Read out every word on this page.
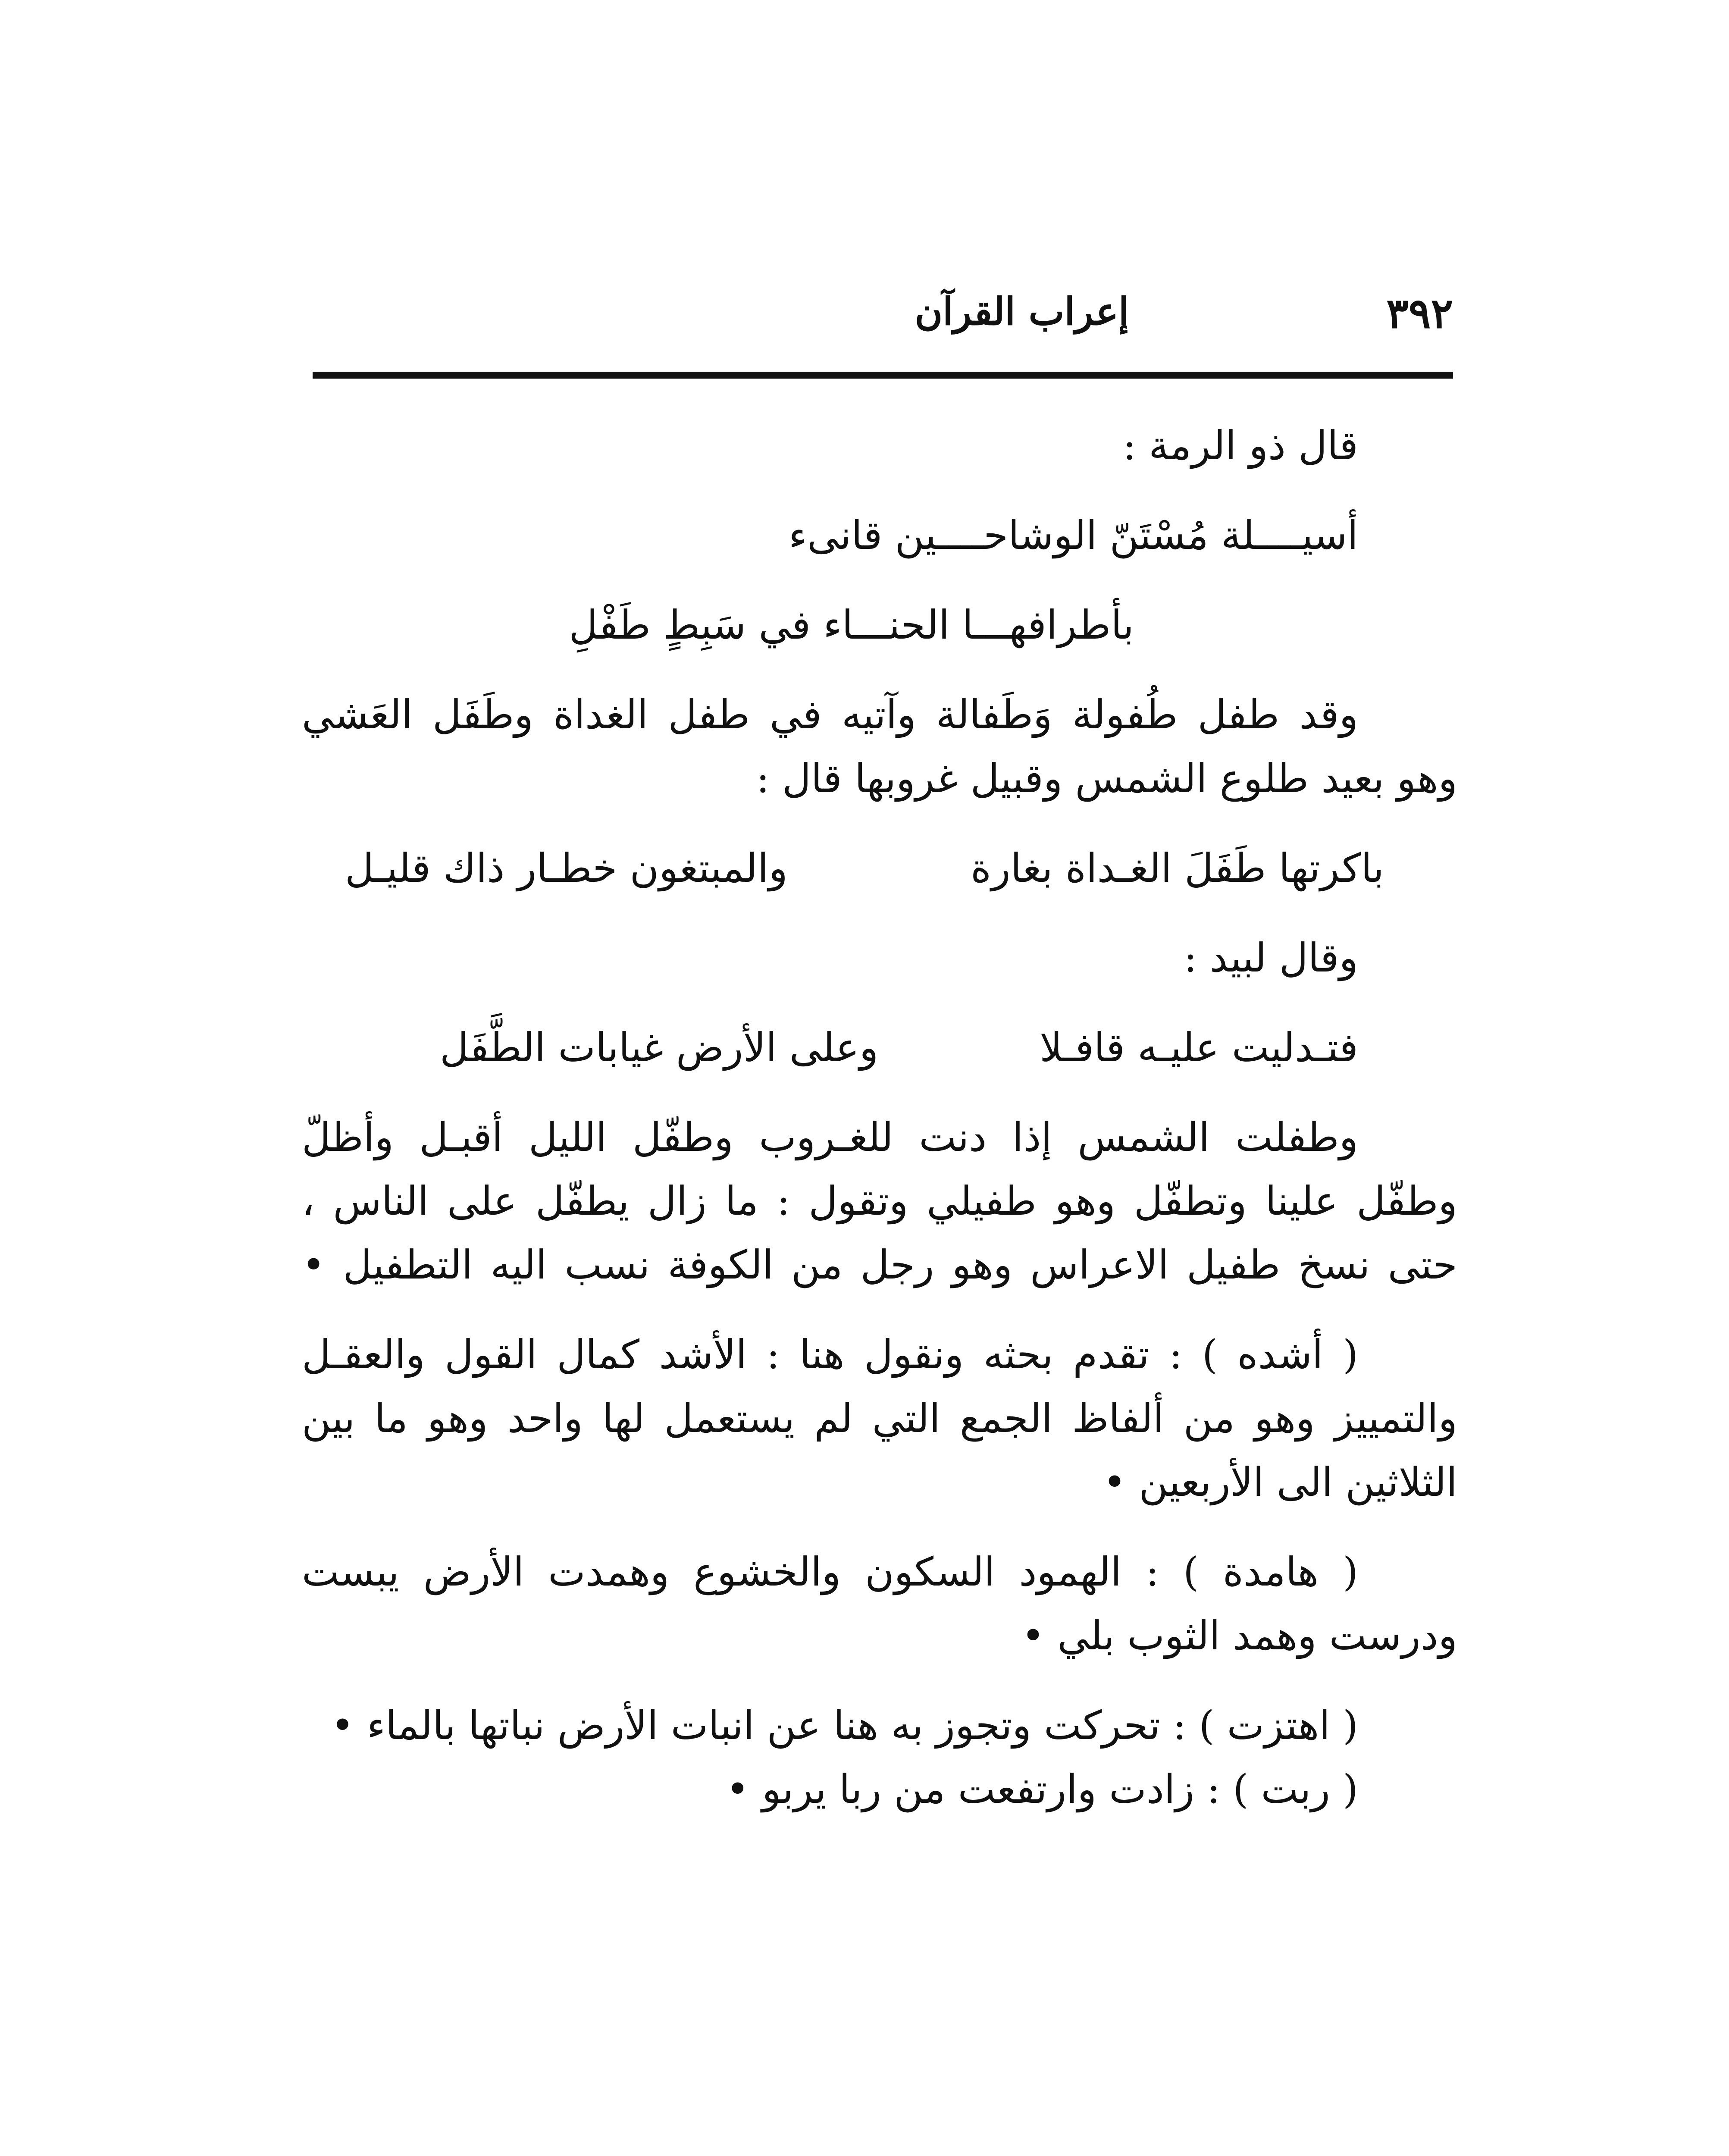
٣٩٢
إعراب القرآن
قال ذو الرمة :
أسيــــلة مُسْتَنّ الوشاحــــين قانىء
بأطرافهـــا الحنـــاء في سَبِطٍ طَفْلِ
وقد طفل طُفولة وَطَفالة وآتيه في طفل الغداة وطَفَل العَشي
وهو بعيد طلوع الشمس وقبيل غروبها قال :
باكرتها طَفَلَ الغـداة بغارة
والمبتغون خطـار ذاك قليـل
وقال لبيد :
فتـدليت عليـه قافـلا
وعلى الأرض غيابات الطَّفَل
وطفلت الشمس إذا دنت للغـروب وطفّل الليل أقبـل وأظلّ
وطفّل علينا وتطفّل وهو طفيلي وتقول : ما زال يطفّل على الناس ،
حتى نسخ طفيل الاعراس وهو رجل من الكوفة نسب اليه التطفيل •
( أشده ) : تقدم بحثه ونقول هنا : الأشد كمال القول والعقـل
والتمييز وهو من ألفاظ الجمع التي لم يستعمل لها واحد وهو ما بين
الثلاثين الى الأربعين •
( هامدة ) : الهمود السكون والخشوع وهمدت الأرض يبست
ودرست وهمد الثوب بلي •
( اهتزت ) : تحركت وتجوز به هنا عن انبات الأرض نباتها بالماء •
( ربت ) : زادت وارتفعت من ربا يربو •
